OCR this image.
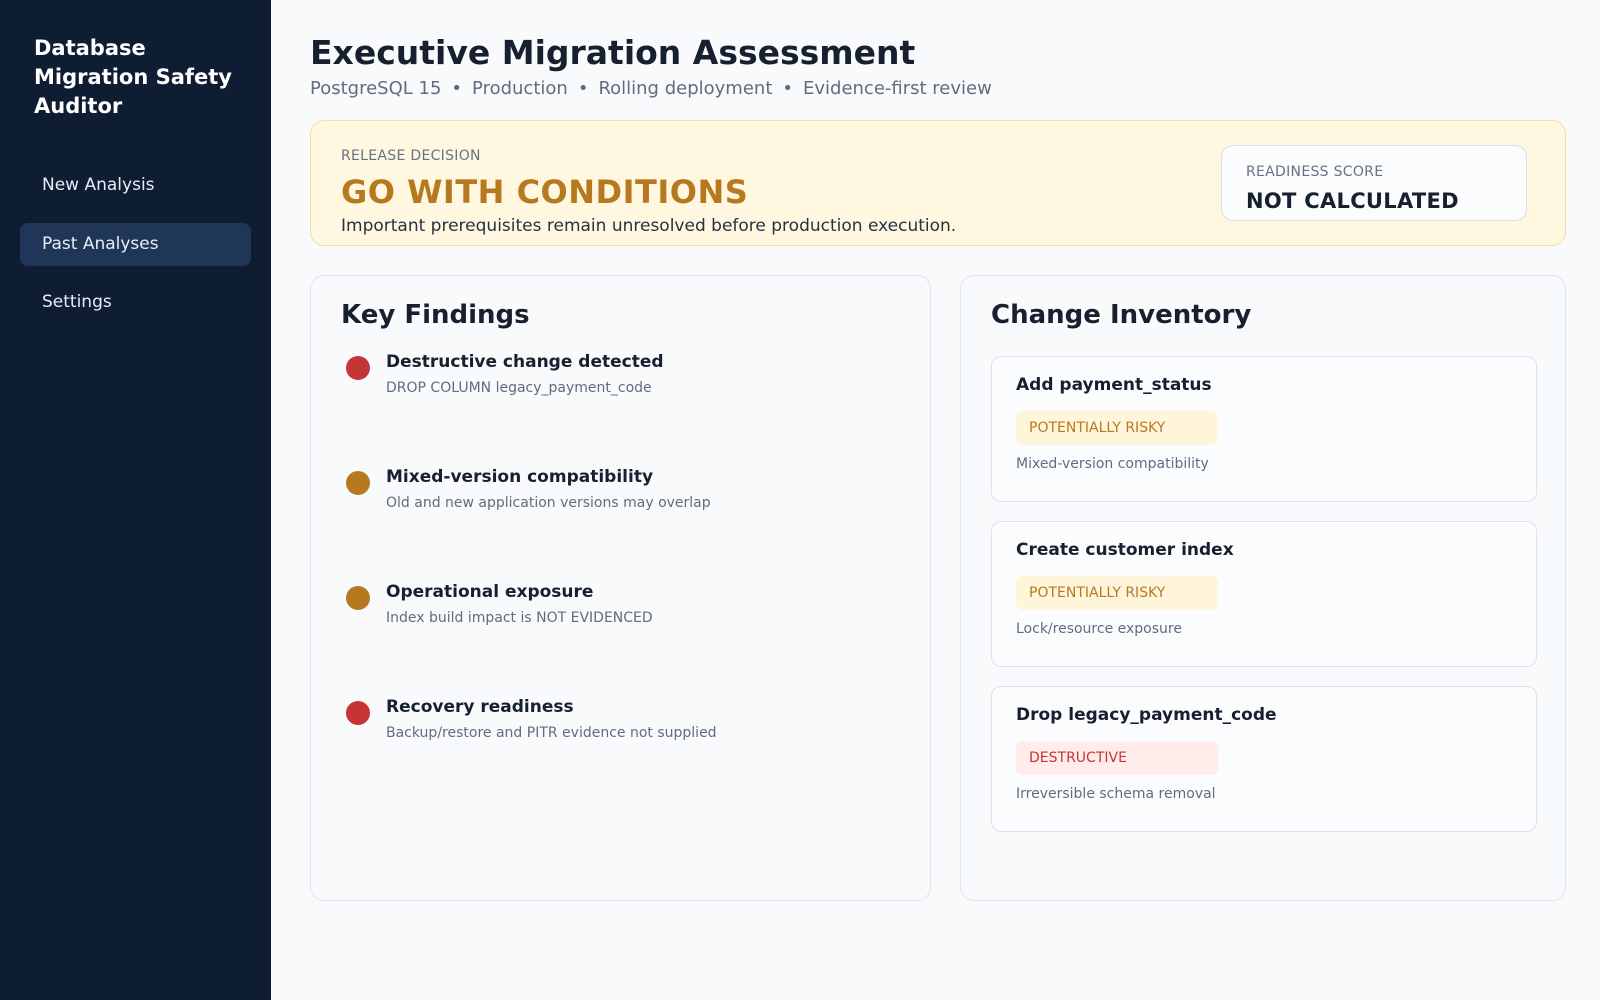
Database Migration Safety Auditor
New Analysis
Past Analyses
Settings
Executive Migration Assessment
PostgreSQL 15 • Production • Rolling deployment • Evidence-first review
RELEASE DECISION
GO WITH CONDITIONS
Important prerequisites remain unresolved before production execution.
READINESS SCORE
NOT CALCULATED
Key Findings
Destructive change detected
DROP COLUMN legacy_payment_code
Mixed-version compatibility
Old and new application versions may overlap
Operational exposure
Index build impact is NOT EVIDENCED
Recovery readiness
Backup/restore and PITR evidence not supplied
Change Inventory
Add payment_status
POTENTIALLY RISKY
Mixed-version compatibility
Create customer index
POTENTIALLY RISKY
Lock/resource exposure
Drop legacy_payment_code
DESTRUCTIVE
Irreversible schema removal
